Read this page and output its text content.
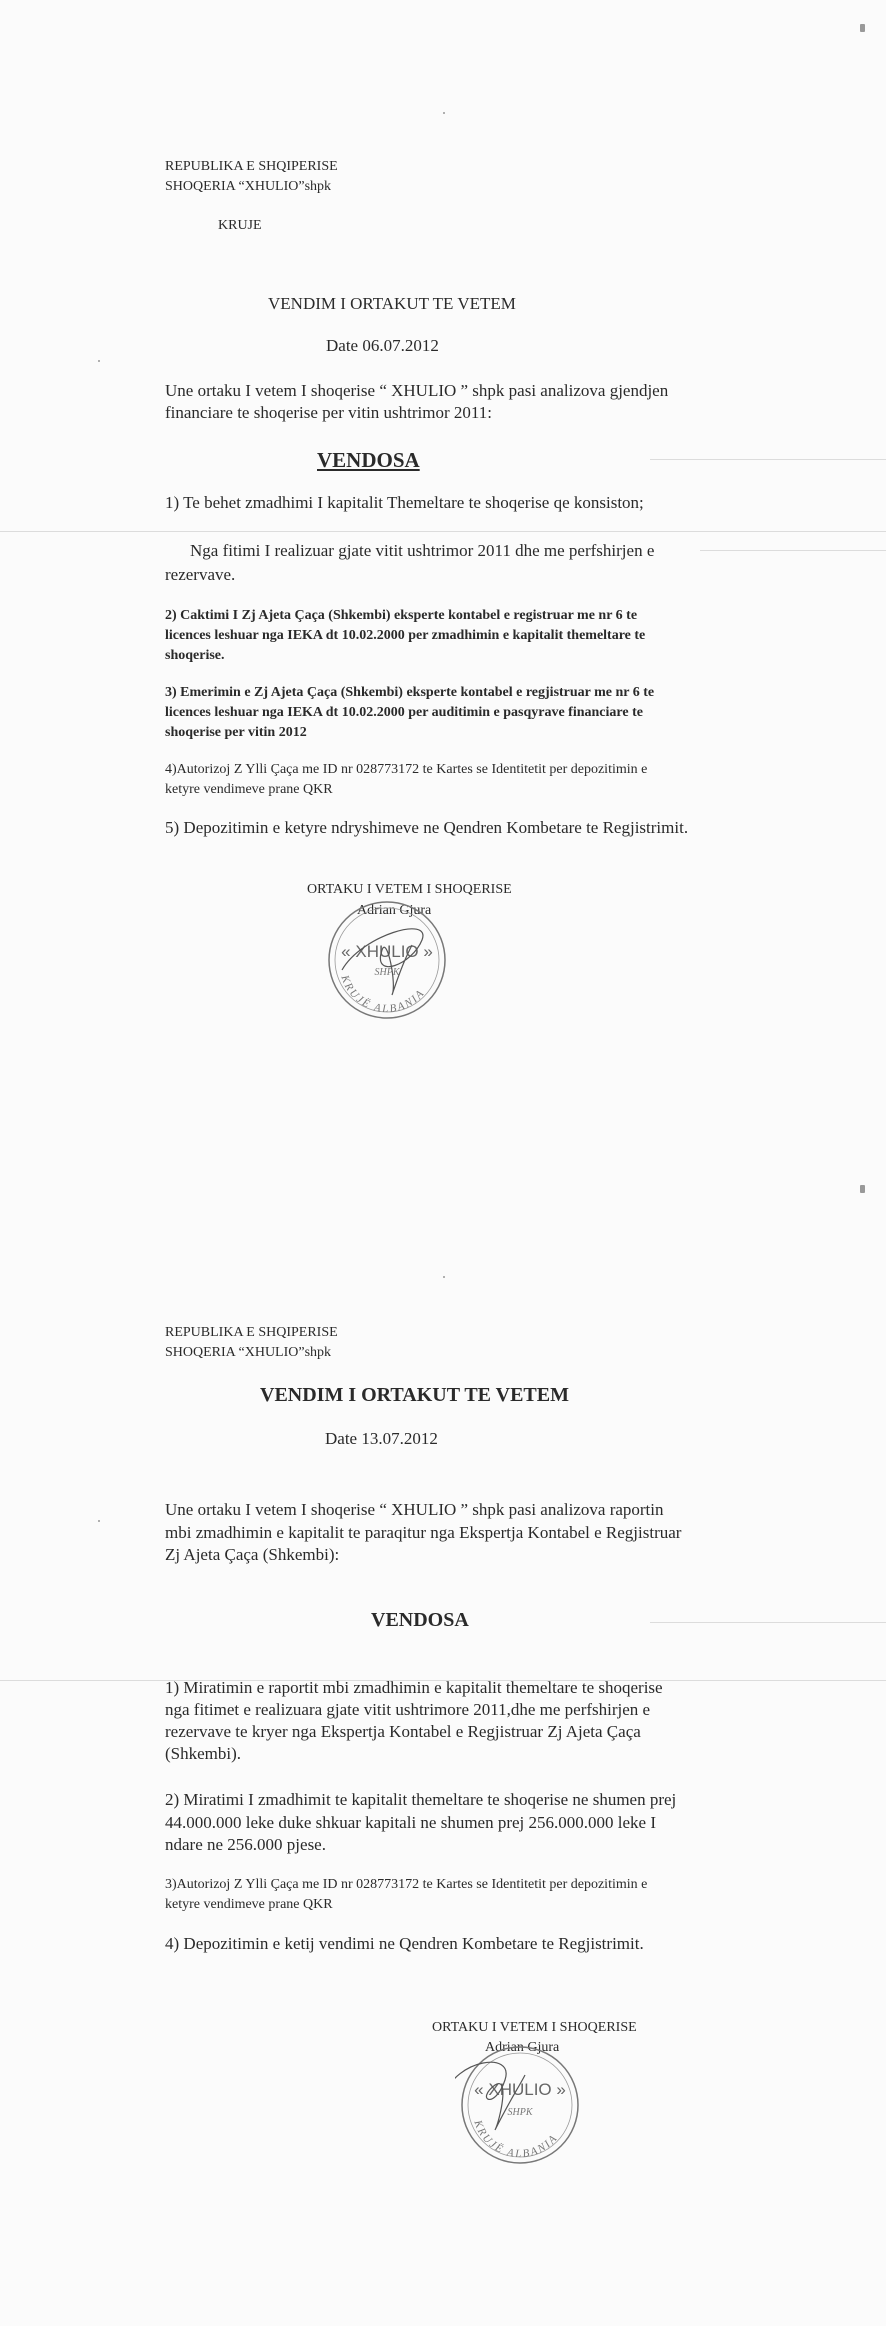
REPUBLIKA E SHQIPERISE
SHOQERIA “XHULIO”shpk
KRUJE
VENDIM I ORTAKUT TE VETEM
Date 06.07.2012
Une ortaku I vetem I shoqerise “ XHULIO ” shpk pasi analizova gjendjen
financiare te shoqerise per vitin ushtrimor 2011:
VENDOSA
1) Te behet zmadhimi I kapitalit Themeltare te shoqerise qe konsiston;
Nga fitimi I realizuar gjate vitit ushtrimor 2011 dhe me perfshirjen e
rezervave.
2) Caktimi I Zj Ajeta Çaça (Shkembi) eksperte kontabel e registruar me nr 6 te
licences leshuar nga IEKA dt 10.02.2000 per zmadhimin e kapitalit themeltare te
shoqerise.
3) Emerimin e Zj Ajeta Çaça (Shkembi) eksperte kontabel e regjistruar me nr 6 te
licences leshuar nga IEKA dt 10.02.2000 per auditimin e pasqyrave financiare te
shoqerise per vitin 2012
4)Autorizoj Z Ylli Çaça me ID nr 028773172 te Kartes se Identitetit per depozitimin e
ketyre vendimeve prane QKR
5) Depozitimin e ketyre ndryshimeve ne Qendren Kombetare te Regjistrimit.
ORTAKU I VETEM I SHOQERISE
Adrian Gjura
« XHULIO »
SHPK
KRUJË ALBANIA
REPUBLIKA E SHQIPERISE
SHOQERIA “XHULIO”shpk
VENDIM I ORTAKUT TE VETEM
Date 13.07.2012
Une ortaku I vetem I shoqerise “ XHULIO ” shpk pasi analizova raportin
mbi zmadhimin e kapitalit te paraqitur nga Ekspertja Kontabel e Regjistruar
Zj Ajeta Çaça (Shkembi):
VENDOSA
1) Miratimin e raportit mbi zmadhimin e kapitalit themeltare te shoqerise
nga fitimet e realizuara gjate vitit ushtrimore 2011,dhe me perfshirjen e
rezervave te kryer nga Ekspertja Kontabel e Regjistruar Zj Ajeta Çaça
(Shkembi).
2) Miratimi I zmadhimit te kapitalit themeltare te shoqerise ne shumen prej
44.000.000 leke duke shkuar kapitali ne shumen prej 256.000.000 leke I
ndare ne 256.000 pjese.
3)Autorizoj Z Ylli Çaça me ID nr 028773172 te Kartes se Identitetit per depozitimin e
ketyre vendimeve prane QKR
4) Depozitimin e ketij vendimi ne Qendren Kombetare te Regjistrimit.
ORTAKU I VETEM I SHOQERISE
Adrian Gjura
« XHULIO »
SHPK
KRUJË ALBANIA
